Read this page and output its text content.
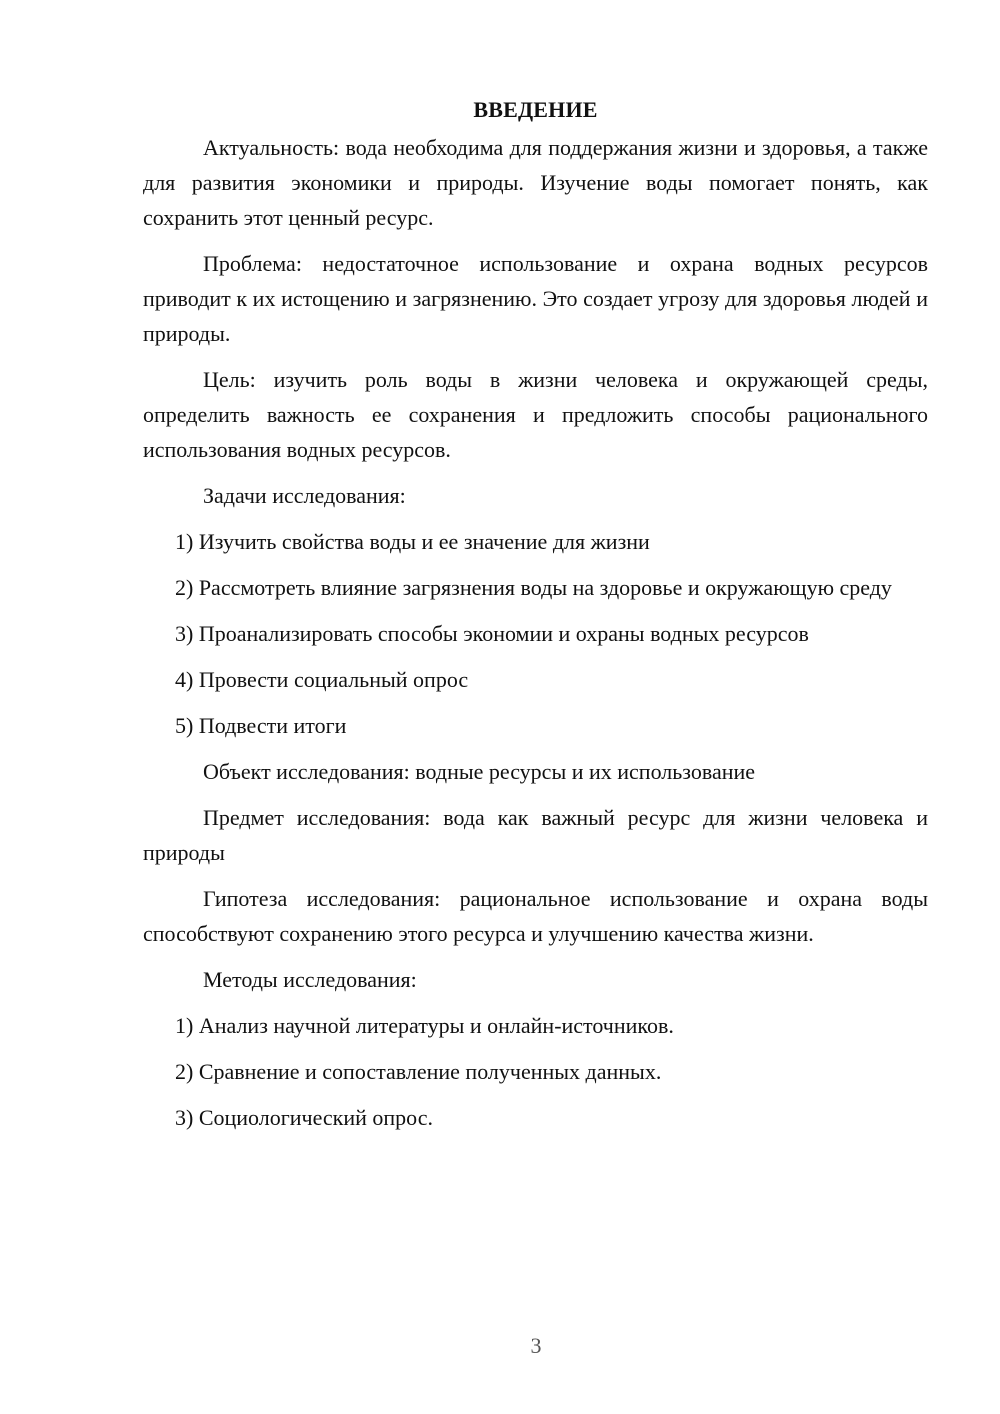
ВВЕДЕНИЕ

Актуальность: вода необходима для поддержания жизни и здоровья, а также для развития экономики и природы. Изучение воды помогает понять, как сохранить этот ценный ресурс.

Проблема: недостаточное использование и охрана водных ресурсов приводит к их истощению и загрязнению. Это создает угрозу для здоровья людей и природы.

Цель: изучить роль воды в жизни человека и окружающей среды, определить важность ее сохранения и предложить способы рационального использования водных ресурсов.

Задачи исследования:

1) Изучить свойства воды и ее значение для жизни

2) Рассмотреть влияние загрязнения воды на здоровье и окружающую среду

3) Проанализировать способы экономии и охраны водных ресурсов

4) Провести социальный опрос

5) Подвести итоги

Объект исследования: водные ресурсы и их использование

Предмет исследования: вода как важный ресурс для жизни человека и природы

Гипотеза исследования: рациональное использование и охрана воды способствуют сохранению этого ресурса и улучшению качества жизни.

Методы исследования:

1) Анализ научной литературы и онлайн-источников.

2) Сравнение и сопоставление полученных данных.

3) Социологический опрос.

3
